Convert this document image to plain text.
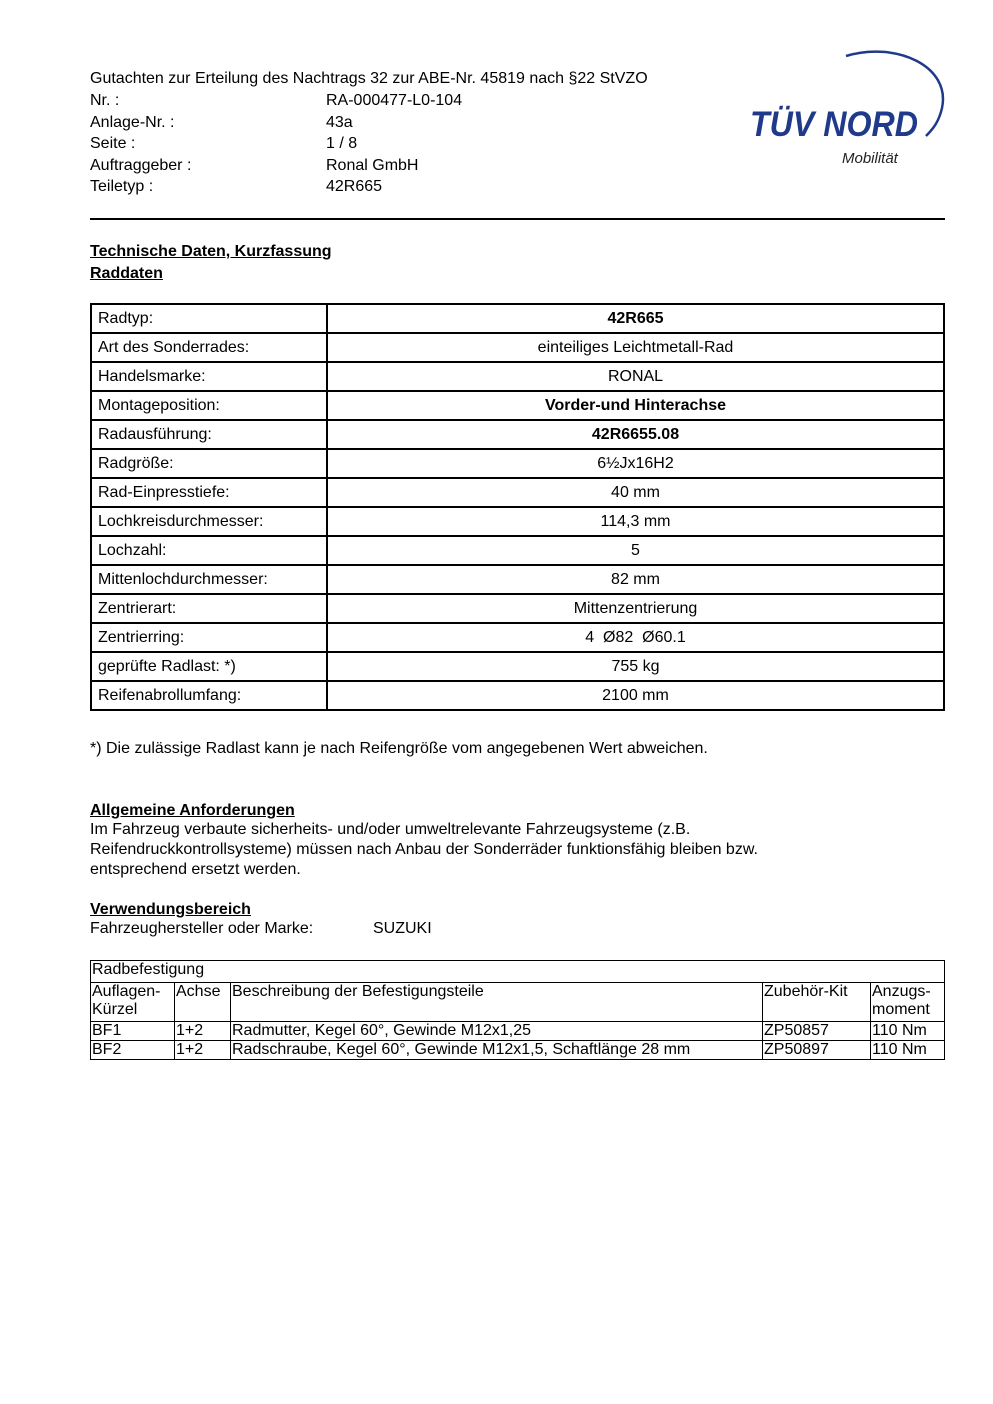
Gutachten zur Erteilung des Nachtrags 32 zur ABE-Nr. 45819 nach §22 StVZO
Nr. :	RA-000477-L0-104
Anlage-Nr. :	43a
Seite :	1 / 8
Auftraggeber :	Ronal GmbH
Teiletyp :	42R665
TÜV NORD
Mobilität
Technische Daten, Kurzfassung
Raddaten
Radtyp:	42R665
Art des Sonderrades:	einteiliges Leichtmetall-Rad
Handelsmarke:	RONAL
Montageposition:	Vorder-und Hinterachse
Radausführung:	42R6655.08
Radgröße:	6½Jx16H2
Rad-Einpresstiefe:	40 mm
Lochkreisdurchmesser:	114,3 mm
Lochzahl:	5
Mittenlochdurchmesser:	82 mm
Zentrierart:	Mittenzentrierung
Zentrierring:	4  Ø82  Ø60.1
geprüfte Radlast: *)	755 kg
Reifenabrollumfang:	2100 mm
*) Die zulässige Radlast kann je nach Reifengröße vom angegebenen Wert abweichen.
Allgemeine Anforderungen
Im Fahrzeug verbaute sicherheits- und/oder umweltrelevante Fahrzeugsysteme (z.B.
Reifendruckkontrollsysteme) müssen nach Anbau der Sonderräder funktionsfähig bleiben bzw.
entsprechend ersetzt werden.
Verwendungsbereich
Fahrzeughersteller oder Marke:	SUZUKI
Radbefestigung				
Auflagen-Kürzel	Achse	Beschreibung der Befestigungsteile	Zubehör-Kit	Anzugs-moment
BF1	1+2	Radmutter, Kegel 60°, Gewinde M12x1,25	ZP50857	110 Nm
BF2	1+2	Radschraube, Kegel 60°, Gewinde M12x1,5, Schaftlänge 28 mm	ZP50897	110 Nm
